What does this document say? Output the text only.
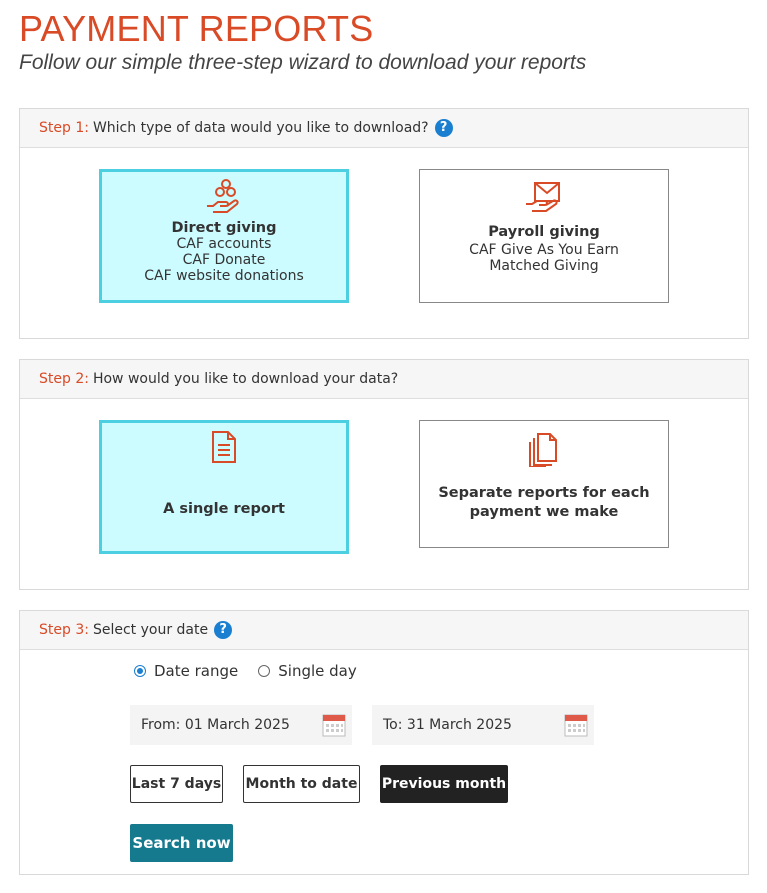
PAYMENT REPORTS
Follow our simple three-step wizard to download your reports
Step 1: Which type of data would you like to download? ?
Direct giving
CAF accounts
CAF Donate
CAF website donations
Payroll giving
CAF Give As You Earn
Matched Giving
Step 2: How would you like to download your data?
A single report
Separate reports for each
payment we make
Step 3: Select your date ?
Date range	Single day
From: 01 March 2025	To: 31 March 2025
Last 7 days Month to date Previous month
Search now
